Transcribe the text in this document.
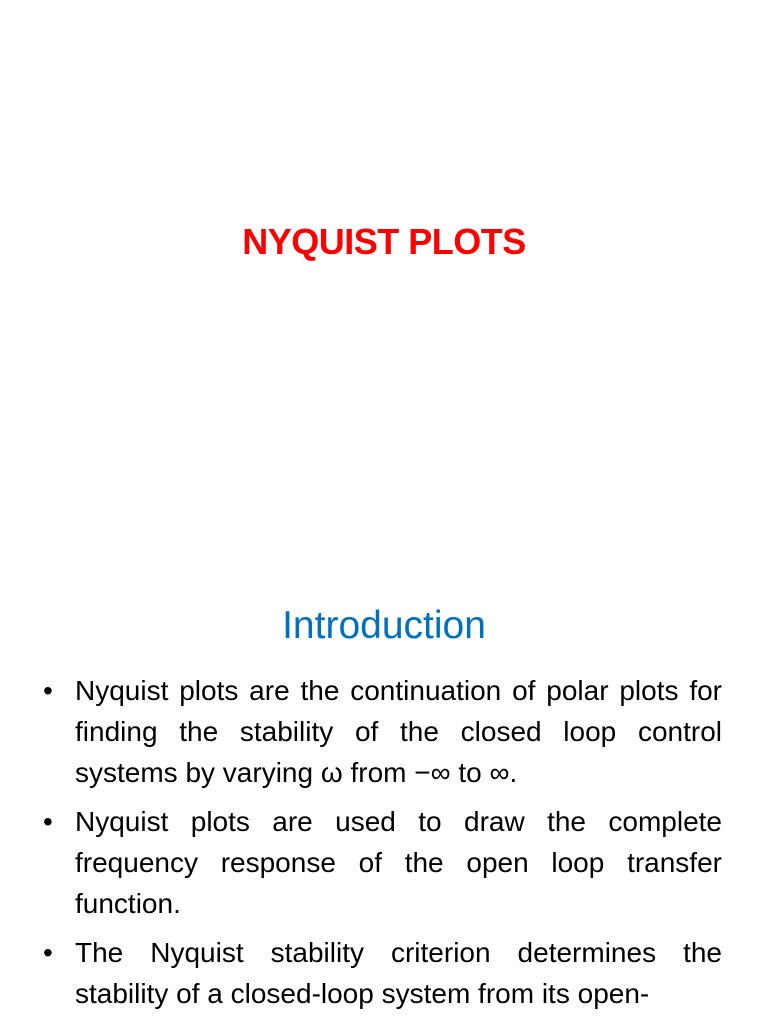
NYQUIST PLOTS
Introduction
• Nyquist plots are the continuation of polar plots for finding the stability of the closed loop control systems by varying ω from −∞ to ∞.
• Nyquist plots are used to draw the complete frequency response of the open loop transfer function.
• The Nyquist stability criterion determines the stability of a closed-loop system from its open-
